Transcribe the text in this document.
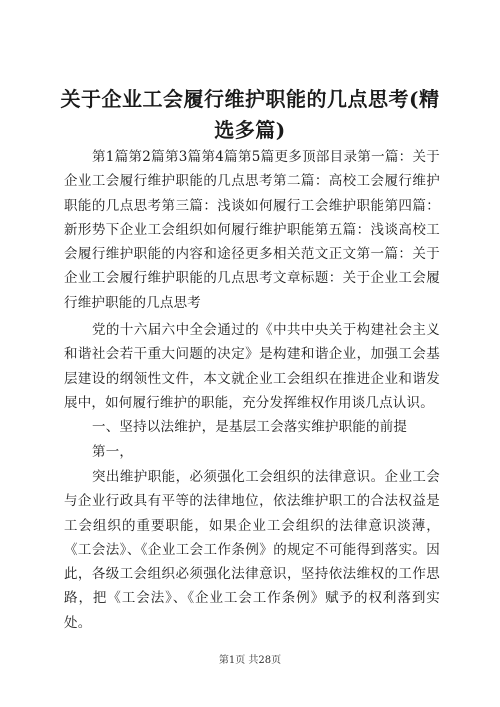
关于企业工会履行维护职能的几点思考(精选多篇)
第1篇第2篇第3篇第4篇第5篇更多顶部目录第一篇：关于企业工会履行维护职能的几点思考第二篇：高校工会履行维护职能的几点思考第三篇：浅谈如何履行工会维护职能第四篇：新形势下企业工会组织如何履行维护职能第五篇：浅谈高校工会履行维护职能的内容和途径更多相关范文正文第一篇：关于企业工会履行维护职能的几点思考文章标题：关于企业工会履行维护职能的几点思考
党的十六届六中全会通过的《中共中央关于构建社会主义和谐社会若干重大问题的决定》是构建和谐企业，加强工会基层建设的纲领性文件，本文就企业工会组织在推进企业和谐发展中，如何履行维护的职能，充分发挥维权作用谈几点认识。
一、坚持以法维护，是基层工会落实维护职能的前提
第一，
突出维护职能，必须强化工会组织的法律意识。企业工会与企业行政具有平等的法律地位，依法维护职工的合法权益是工会组织的重要职能，如果企业工会组织的法律意识淡薄，《工会法》、《企业工会工作条例》的规定不可能得到落实。因此，各级工会组织必须强化法律意识，坚持依法维权的工作思路，把《工会法》、《企业工会工作条例》赋予的权利落到实处。
第1页 共28页
